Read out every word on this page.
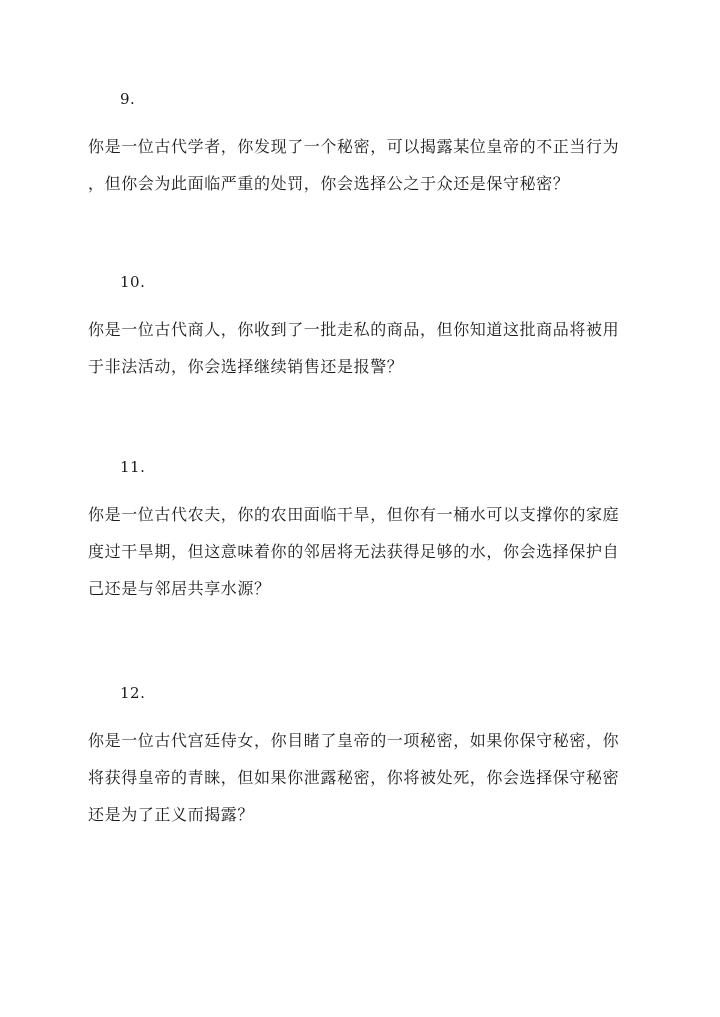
9.
你是一位古代学者，你发现了一个秘密，可以揭露某位皇帝的不正当行为
，但你会为此面临严重的处罚，你会选择公之于众还是保守秘密？
10.
你是一位古代商人，你收到了一批走私的商品，但你知道这批商品将被用
于非法活动，你会选择继续销售还是报警？
11.
你是一位古代农夫，你的农田面临干旱，但你有一桶水可以支撑你的家庭
度过干旱期，但这意味着你的邻居将无法获得足够的水，你会选择保护自
己还是与邻居共享水源？
12.
你是一位古代宫廷侍女，你目睹了皇帝的一项秘密，如果你保守秘密，你
将获得皇帝的青睐，但如果你泄露秘密，你将被处死，你会选择保守秘密
还是为了正义而揭露？
